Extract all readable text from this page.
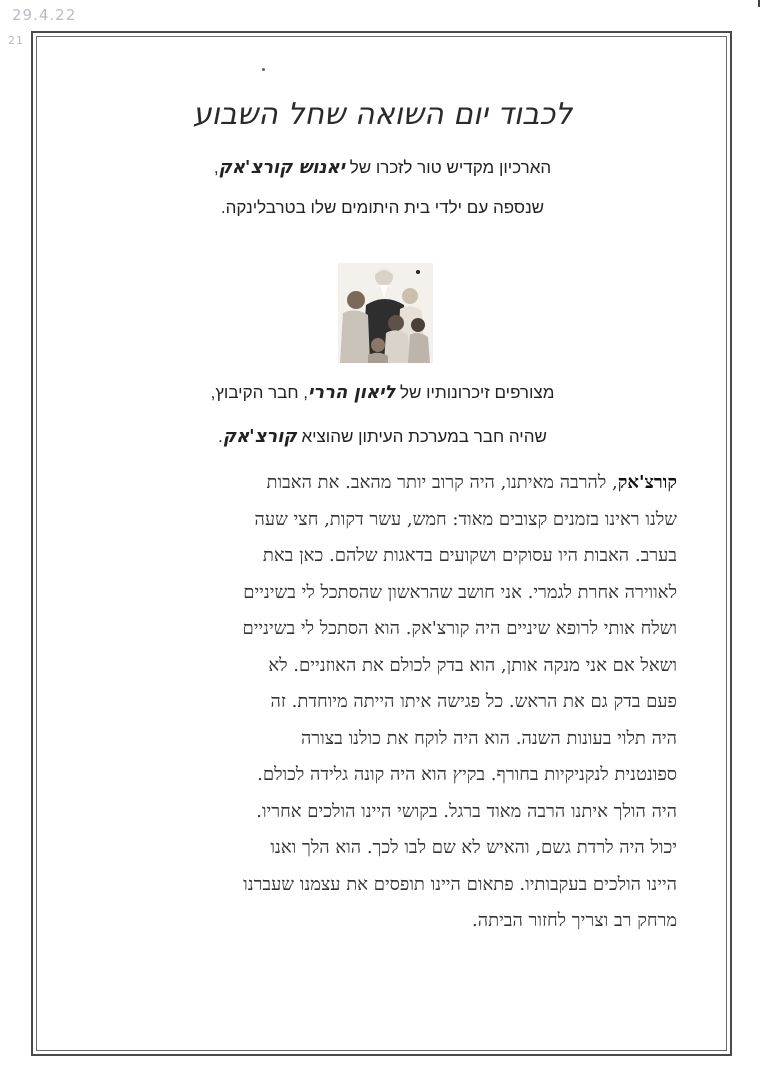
29.4.22
21
לכבוד יום השואה שחל השבוע
הארכיון מקדיש טור לזכרו של יאנוש קורצ'אק,
שנספה עם ילדי בית היתומים שלו בטרבלינקה.
מצורפים זיכרונותיו של ליאון הררי, חבר הקיבוץ,
שהיה חבר במערכת העיתון שהוציא קורצ'אק.
קורצ'אק, להרבה מאיתנו, היה קרוב יותר מהאב. את האבות
שלנו ראינו בזמנים קצובים מאוד: חמש, עשר דקות, חצי שעה
בערב. האבות היו עסוקים ושקועים בדאגות שלהם. כאן באת
לאווירה אחרת לגמרי. אני חושב שהראשון שהסתכל לי בשיניים
ושלח אותי לרופא שיניים היה קורצ'אק. הוא הסתכל לי בשיניים
ושאל אם אני מנקה אותן, הוא בדק לכולם את האוזניים. לא
פעם בדק גם את הראש. כל פגישה איתו הייתה מיוחדת. זה
היה תלוי בעונות השנה. הוא היה לוקח את כולנו בצורה
ספונטנית לנקניקיות בחורף. בקיץ הוא היה קונה גלידה לכולם.
היה הולך איתנו הרבה מאוד ברגל. בקושי היינו הולכים אחריו.
יכול היה לרדת גשם, והאיש לא שם לבו לכך. הוא הלך ואנו
היינו הולכים בעקבותיו. פתאום היינו תופסים את עצמנו שעברנו
מרחק רב וצריך לחזור הביתה.
